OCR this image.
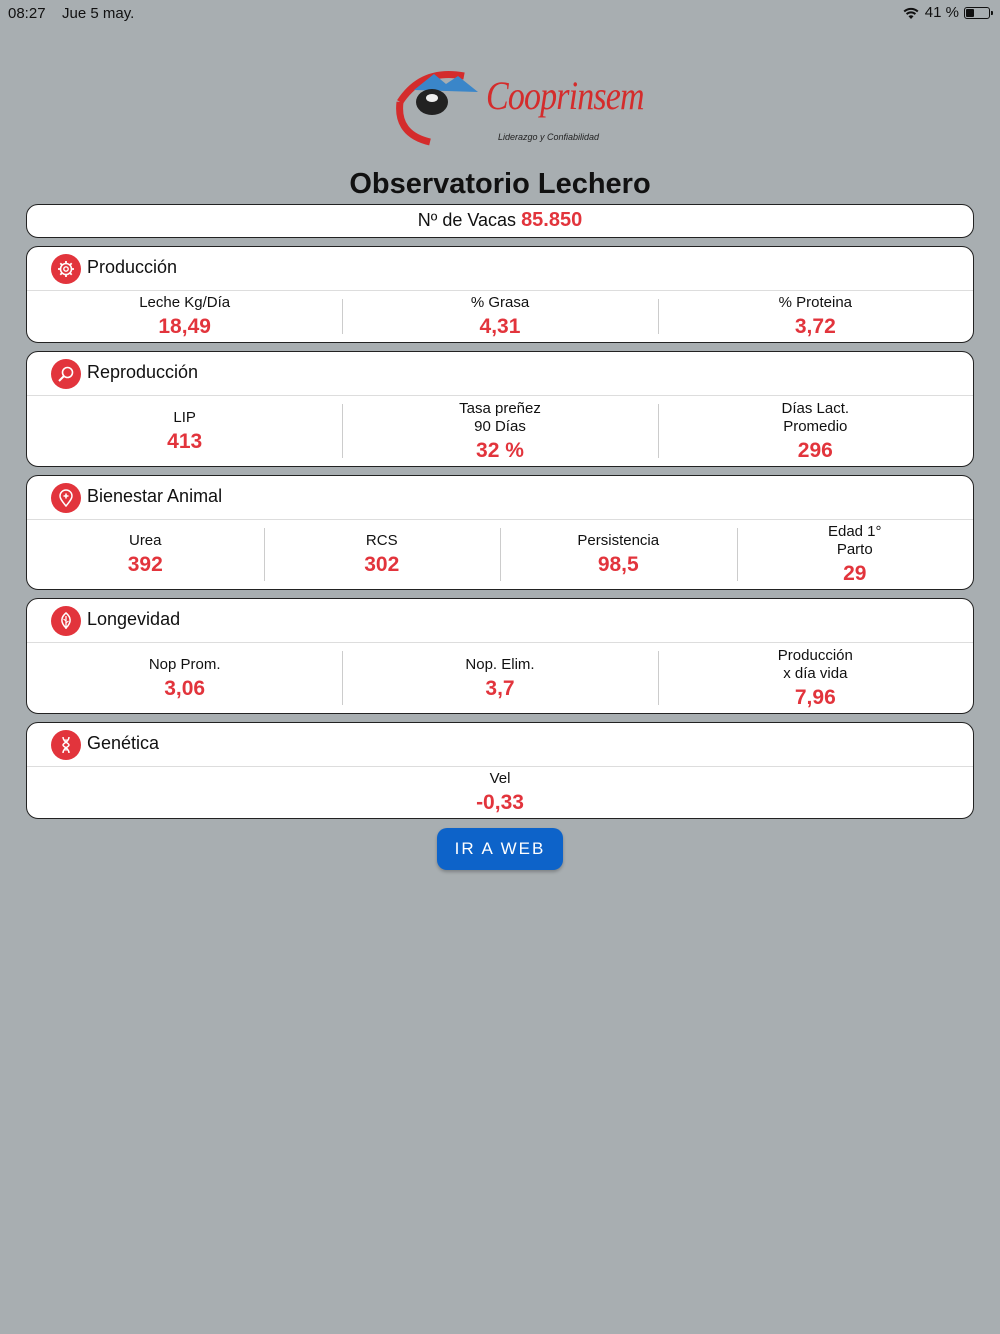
08:27 Jue 5 may.	41 %
Cooprinsem
Liderazgo y Confiabilidad
Observatorio Lechero
Nº de Vacas 85.850
Producción
Leche Kg/Día
18,49
% Grasa
4,31
% Proteina
3,72
Reproducción
LIP
413
Tasa preñez
90 Días
32 %
Días Lact.
Promedio
296
Bienestar Animal
Urea
392
RCS
302
Persistencia
98,5
Edad 1°
Parto
29
Longevidad
Nop Prom.
3,06
Nop. Elim.
3,7
Producción
x día vida
7,96
Genética
Vel
-0,33
IR A WEB
